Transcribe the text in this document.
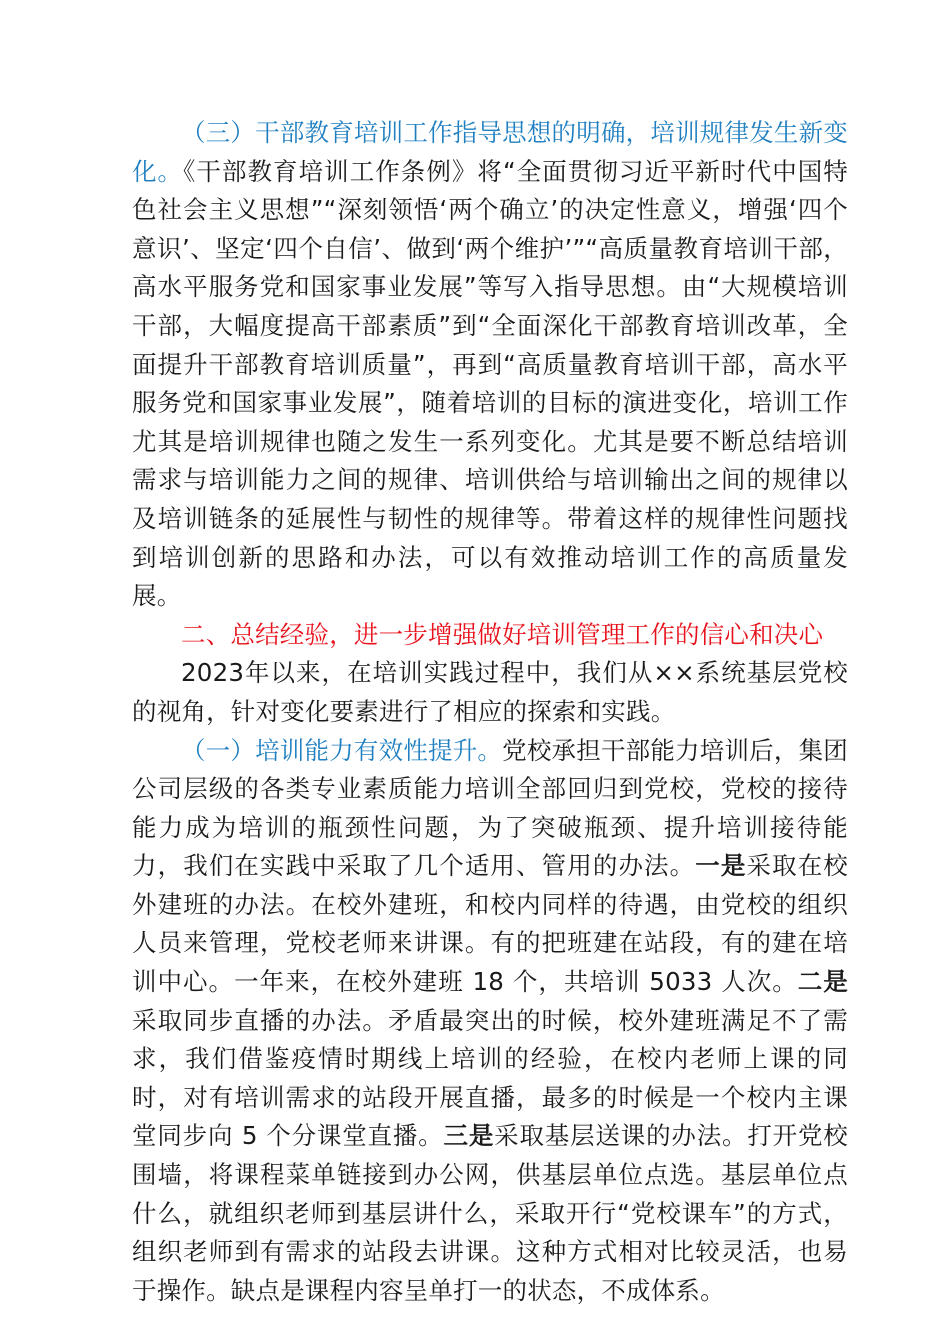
（三）干部教育培训工作指导思想的明确，培训规律发生新变化。《干部教育培训工作条例》将“全面贯彻习近平新时代中国特色社会主义思想”“深刻领悟‘两个确立’的决定性意义，增强‘四个意识’、坚定‘四个自信’、做到‘两个维护’”“高质量教育培训干部，高水平服务党和国家事业发展”等写入指导思想。由“大规模培训干部，大幅度提高干部素质”到“全面深化干部教育培训改革，全面提升干部教育培训质量”，再到“高质量教育培训干部，高水平服务党和国家事业发展”，随着培训的目标的演进变化，培训工作尤其是培训规律也随之发生一系列变化。尤其是要不断总结培训需求与培训能力之间的规律、培训供给与培训输出之间的规律以及培训链条的延展性与韧性的规律等。带着这样的规律性问题找到培训创新的思路和办法，可以有效推动培训工作的高质量发展。

二、总结经验，进一步增强做好培训管理工作的信心和决心

2023年以来，在培训实践过程中，我们从××系统基层党校的视角，针对变化要素进行了相应的探索和实践。

（一）培训能力有效性提升。党校承担干部能力培训后，集团公司层级的各类专业素质能力培训全部回归到党校，党校的接待能力成为培训的瓶颈性问题，为了突破瓶颈、提升培训接待能力，我们在实践中采取了几个适用、管用的办法。一是采取在校外建班的办法。在校外建班，和校内同样的待遇，由党校的组织人员来管理，党校老师来讲课。有的把班建在站段，有的建在培训中心。一年来，在校外建班 18 个，共培训 5033 人次。二是采取同步直播的办法。矛盾最突出的时候，校外建班满足不了需求，我们借鉴疫情时期线上培训的经验，在校内老师上课的同时，对有培训需求的站段开展直播，最多的时候是一个校内主课堂同步向 5 个分课堂直播。三是采取基层送课的办法。打开党校围墙，将课程菜单链接到办公网，供基层单位点选。基层单位点什么，就组织老师到基层讲什么，采取开行“党校课车”的方式，组织老师到有需求的站段去讲课。这种方式相对比较灵活，也易于操作。缺点是课程内容呈单打一的状态，不成体系。
